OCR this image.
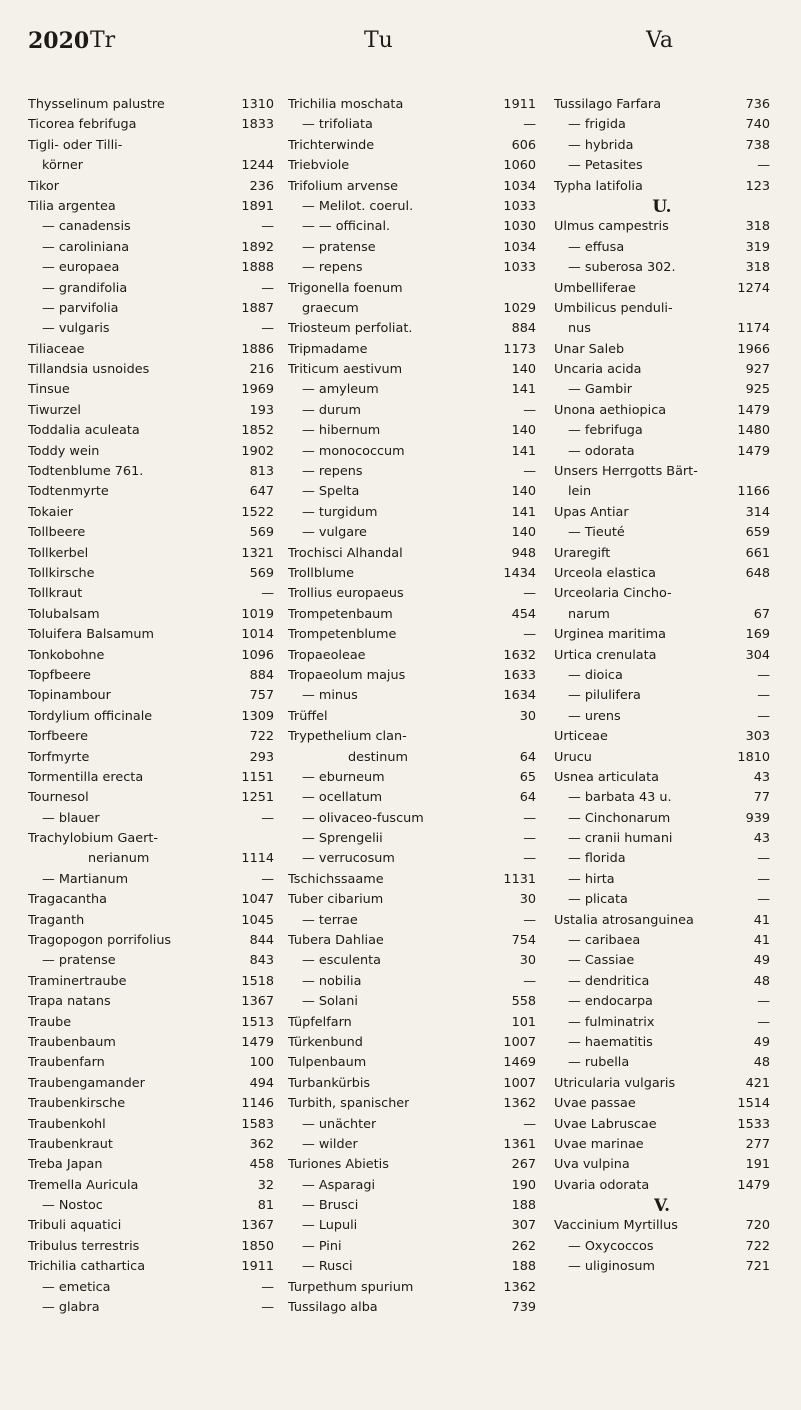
2020 Tr	Tu	Va
Thysselinum palustre	1310
Ticorea febrifuga	1833
Tigli- oder Tilli-
körner	1244
Tikor	236
Tilia argentea	1891
— canadensis	—
— caroliniana	1892
— europaea	1888
— grandifolia	—
— parvifolia	1887
— vulgaris	—
Tiliaceae	1886
Tillandsia usnoides	216
Tinsue	1969
Tiwurzel	193
Toddalia aculeata	1852
Toddy wein	1902
Todtenblume 761.	813
Todtenmyrte	647
Tokaier	1522
Tollbeere	569
Tollkerbel	1321
Tollkirsche	569
Tollkraut	—
Tolubalsam	1019
Toluifera Balsamum	1014
Tonkobohne	1096
Topfbeere	884
Topinambour	757
Tordylium officinale	1309
Torfbeere	722
Torfmyrte	293
Tormentilla erecta	1151
Tournesol	1251
— blauer	—
Trachylobium Gaert-
nerianum	1114
— Martianum	—
Tragacantha	1047
Traganth	1045
Tragopogon porrifolius	844
— pratense	843
Traminertraube	1518
Trapa natans	1367
Traube	1513
Traubenbaum	1479
Traubenfarn	100
Traubengamander	494
Traubenkirsche	1146
Traubenkohl	1583
Traubenkraut	362
Treba Japan	458
Tremella Auricula	32
— Nostoc	81
Tribuli aquatici	1367
Tribulus terrestris	1850
Trichilia cathartica	1911
— emetica	—
— glabra	—
Trichilia moschata	1911
— trifoliata	—
Trichterwinde	606
Triebviole	1060
Trifolium arvense	1034
— Melilot. coerul.	1033
— — officinal.	1030
— pratense	1034
— repens	1033
Trigonella foenum
graecum	1029
Triosteum perfoliat.	884
Tripmadame	1173
Triticum aestivum	140
— amyleum	141
— durum	—
— hibernum	140
— monococcum	141
— repens	—
— Spelta	140
— turgidum	141
— vulgare	140
Trochisci Alhandal	948
Trollblume	1434
Trollius europaeus	—
Trompetenbaum	454
Trompetenblume	—
Tropaeoleae	1632
Tropaeolum majus	1633
— minus	1634
Trüffel	30
Trypethelium clan-
destinum	64
— eburneum	65
— ocellatum	64
— olivaceo-fuscum	—
— Sprengelii	—
— verrucosum	—
Tschichssaame	1131
Tuber cibarium	30
— terrae	—
Tubera Dahliae	754
— esculenta	30
— nobilia	—
— Solani	558
Tüpfelfarn	101
Türkenbund	1007
Tulpenbaum	1469
Turbankürbis	1007
Turbith, spanischer	1362
— unächter	—
— wilder	1361
Turiones Abietis	267
— Asparagi	190
— Brusci	188
— Lupuli	307
— Pini	262
— Rusci	188
Turpethum spurium	1362
Tussilago alba	739
Tussilago Farfara	736
— frigida	740
— hybrida	738
— Petasites	—
Typha latifolia	123
U.
Ulmus campestris	318
— effusa	319
— suberosa 302.	318
Umbelliferae	1274
Umbilicus penduli-
nus	1174
Unar Saleb	1966
Uncaria acida	927
— Gambir	925
Unona aethiopica	1479
— febrifuga	1480
— odorata	1479
Unsers Herrgotts Bärt-
lein	1166
Upas Antiar	314
— Tieuté	659
Uraregift	661
Urceola elastica	648
Urceolaria Cincho-
narum	67
Urginea maritima	169
Urtica crenulata	304
— dioica	—
— pilulifera	—
— urens	—
Urticeae	303
Urucu	1810
Usnea articulata	43
— barbata 43 u.	77
— Cinchonarum	939
— cranii humani	43
— florida	—
— hirta	—
— plicata	—
Ustalia atrosanguinea	41
— caribaea	41
— Cassiae	49
— dendritica	48
— endocarpa	—
— fulminatrix	—
— haematitis	49
— rubella	48
Utricularia vulgaris	421
Uvae passae	1514
Uvae Labruscae	1533
Uvae marinae	277
Uva vulpina	191
Uvaria odorata	1479
V.
Vaccinium Myrtillus	720
— Oxycoccos	722
— uliginosum	721
